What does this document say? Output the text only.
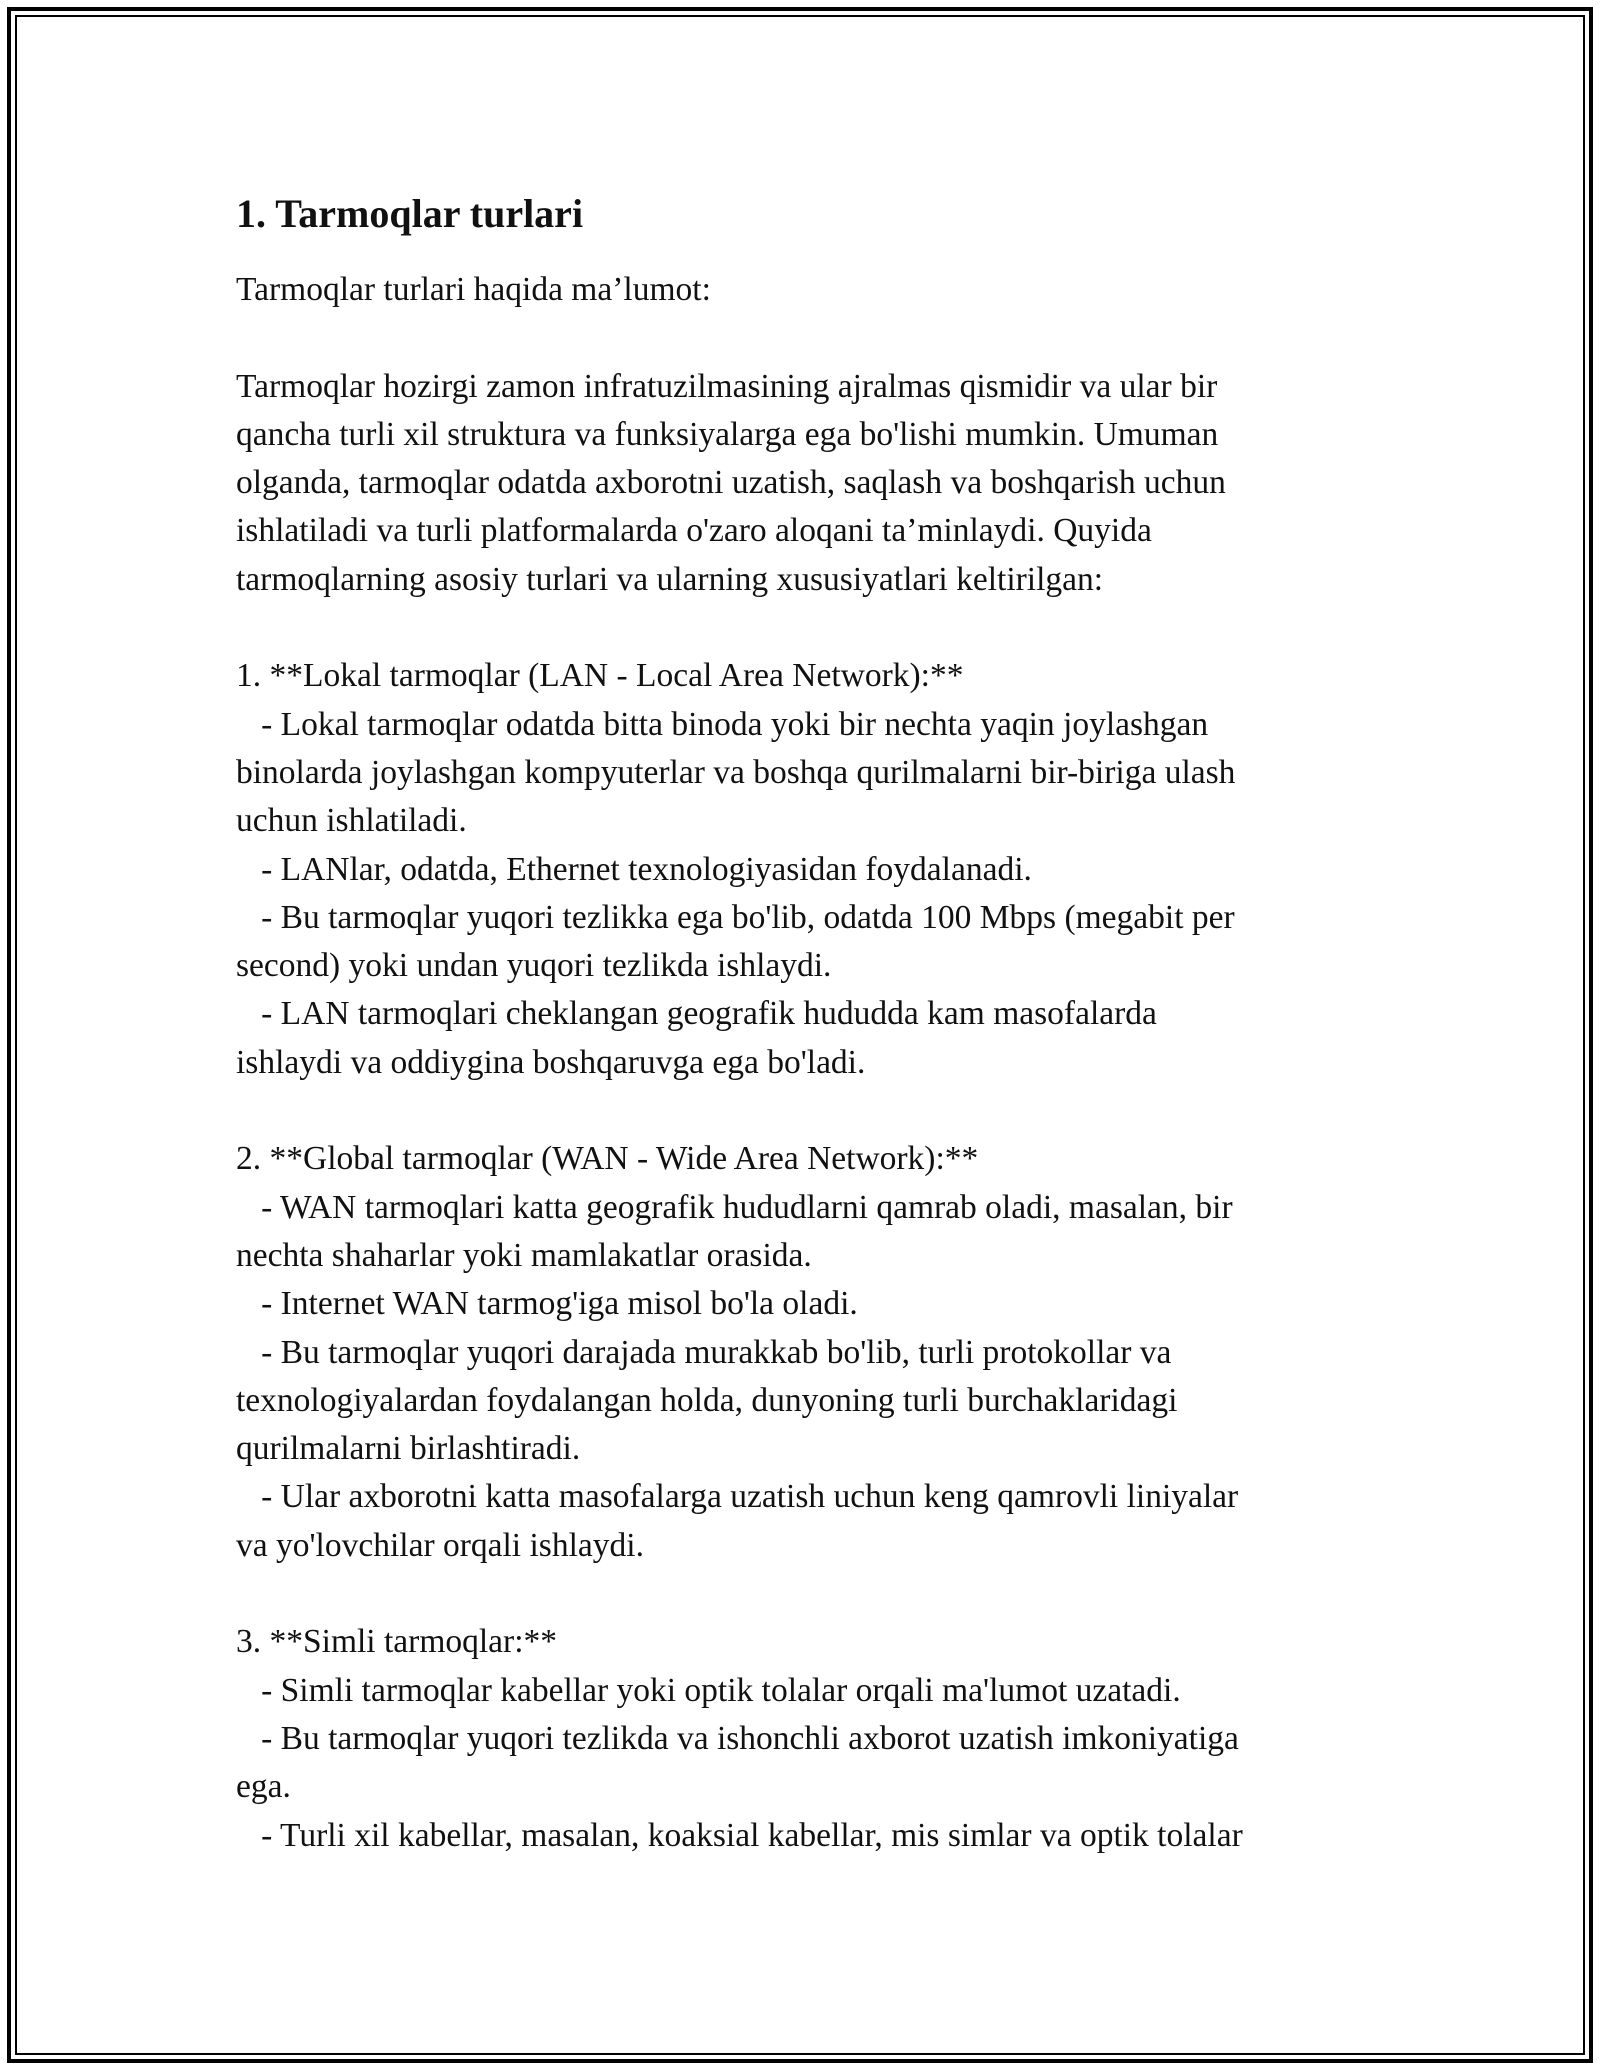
1. Tarmoqlar turlari
Tarmoqlar turlari haqida ma’lumot:
Tarmoqlar hozirgi zamon infratuzilmasining ajralmas qismidir va ular bir
qancha turli xil struktura va funksiyalarga ega bo'lishi mumkin. Umuman
olganda, tarmoqlar odatda axborotni uzatish, saqlash va boshqarish uchun
ishlatiladi va turli platformalarda o'zaro aloqani ta’minlaydi. Quyida
tarmoqlarning asosiy turlari va ularning xususiyatlari keltirilgan:
1. **Lokal tarmoqlar (LAN - Local Area Network):**
- Lokal tarmoqlar odatda bitta binoda yoki bir nechta yaqin joylashgan
binolarda joylashgan kompyuterlar va boshqa qurilmalarni bir-biriga ulash
uchun ishlatiladi.
- LANlar, odatda, Ethernet texnologiyasidan foydalanadi.
- Bu tarmoqlar yuqori tezlikka ega bo'lib, odatda 100 Mbps (megabit per
second) yoki undan yuqori tezlikda ishlaydi.
- LAN tarmoqlari cheklangan geografik hududda kam masofalarda
ishlaydi va oddiygina boshqaruvga ega bo'ladi.
2. **Global tarmoqlar (WAN - Wide Area Network):**
- WAN tarmoqlari katta geografik hududlarni qamrab oladi, masalan, bir
nechta shaharlar yoki mamlakatlar orasida.
- Internet WAN tarmog'iga misol bo'la oladi.
- Bu tarmoqlar yuqori darajada murakkab bo'lib, turli protokollar va
texnologiyalardan foydalangan holda, dunyoning turli burchaklaridagi
qurilmalarni birlashtiradi.
- Ular axborotni katta masofalarga uzatish uchun keng qamrovli liniyalar
va yo'lovchilar orqali ishlaydi.
3. **Simli tarmoqlar:**
- Simli tarmoqlar kabellar yoki optik tolalar orqali ma'lumot uzatadi.
- Bu tarmoqlar yuqori tezlikda va ishonchli axborot uzatish imkoniyatiga
ega.
- Turli xil kabellar, masalan, koaksial kabellar, mis simlar va optik tolalar
